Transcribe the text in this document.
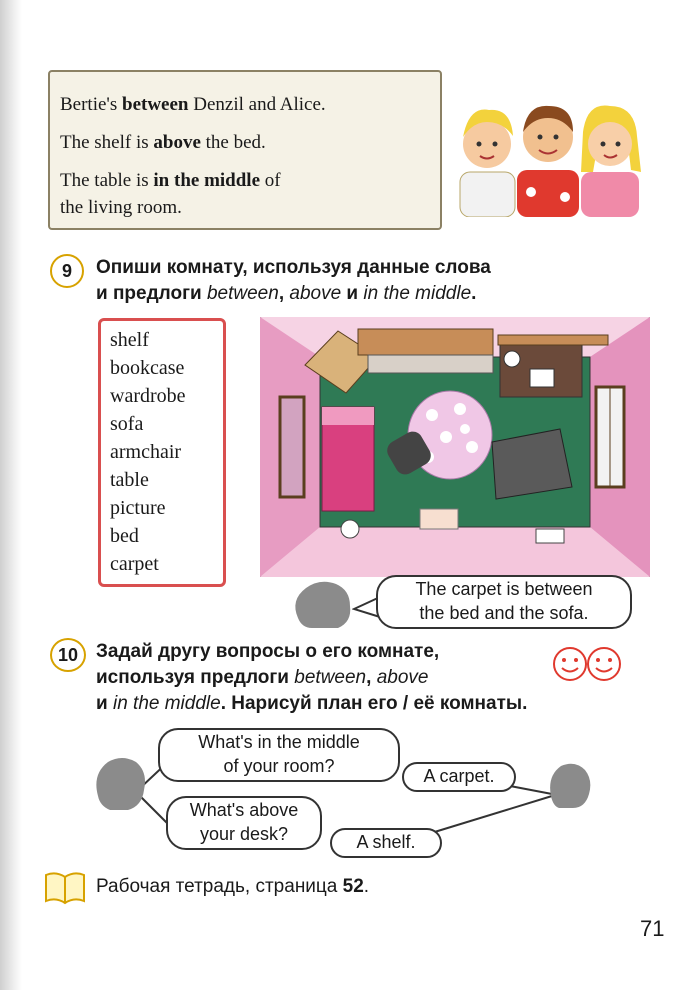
Bertie's between Denzil and Alice.
The shelf is above the bed.
The table is in the middle of
the living room.
9	Опиши комнату, используя данные слова
и предлоги between, above и in the middle.
shelf
bookcase
wardrobe
sofa
armchair
table
picture
bed
carpet
The carpet is between
the bed and the sofa.
10 Задай другу вопросы о его комнате,
используя предлоги between, above
и in the middle. Нарисуй план его / её комнаты.
What's in the middle
of your room?	A carpet.
What's above
your desk?	A shelf.
Рабочая тетрадь, страница 52.
71
